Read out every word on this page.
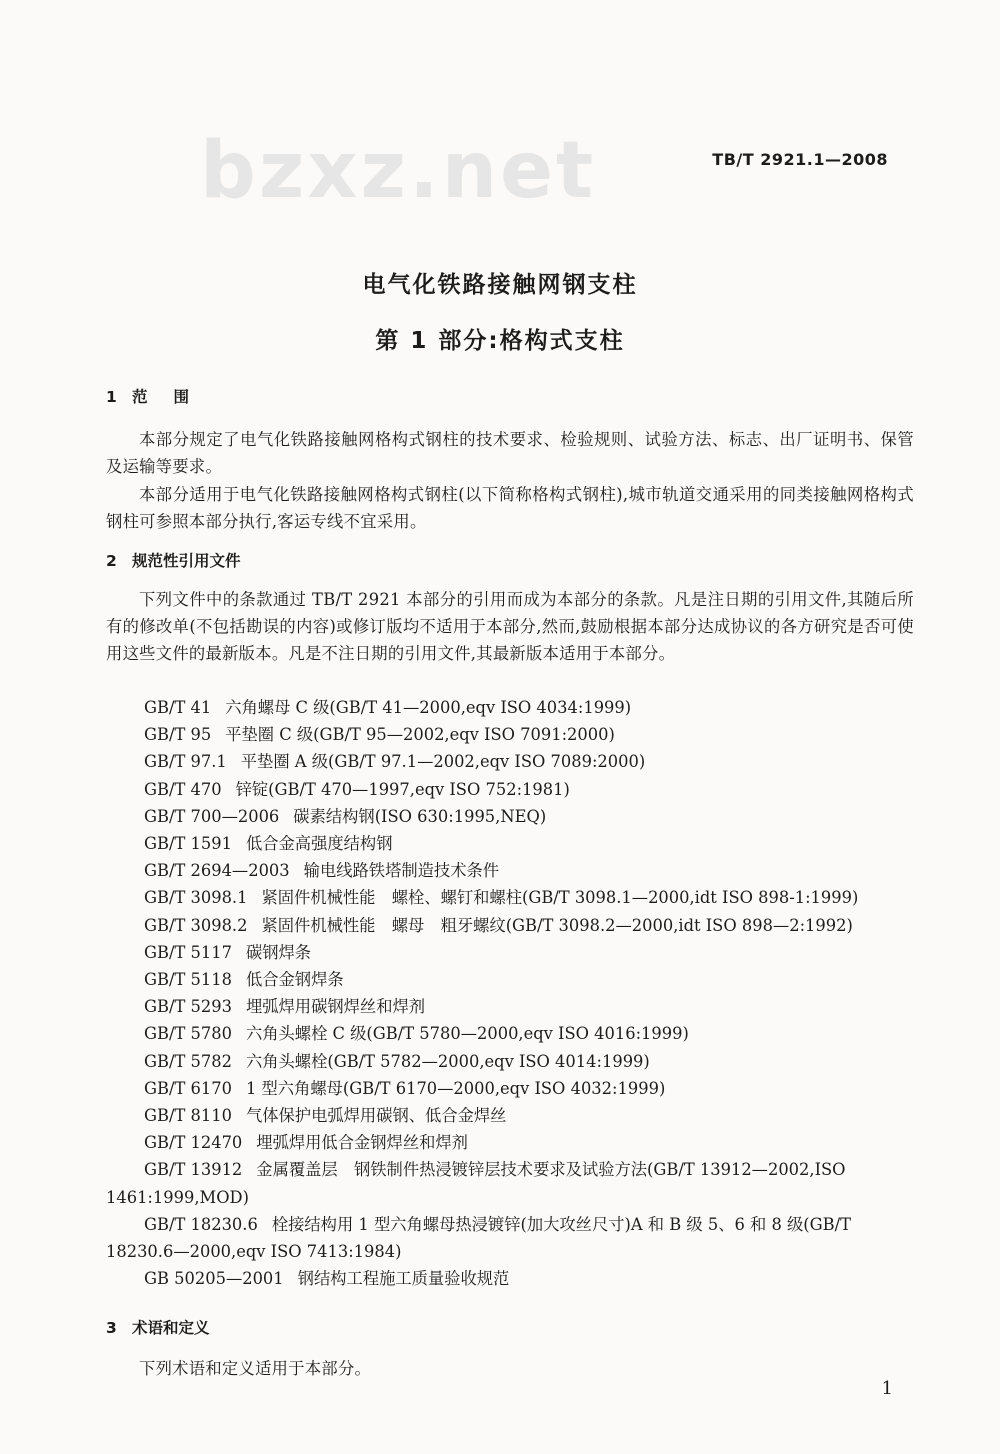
bzxz.net	TB/T 2921.1—2008
电气化铁路接触网钢支柱
第 1 部分:格构式支柱
1 范围
本部分规定了电气化铁路接触网格构式钢柱的技术要求、检验规则、试验方法、标志、出厂证明书、保管及运输等要求。
本部分适用于电气化铁路接触网格构式钢柱(以下简称格构式钢柱),城市轨道交通采用的同类接触网格构式钢柱可参照本部分执行,客运专线不宜采用。
2 规范性引用文件
下列文件中的条款通过 TB/T 2921 本部分的引用而成为本部分的条款。凡是注日期的引用文件,其随后所有的修改单(不包括勘误的内容)或修订版均不适用于本部分,然而,鼓励根据本部分达成协议的各方研究是否可使用这些文件的最新版本。凡是不注日期的引用文件,其最新版本适用于本部分。
GB/T 41 六角螺母 C 级(GB/T 41—2000,eqv ISO 4034:1999)
GB/T 95 平垫圈 C 级(GB/T 95—2002,eqv ISO 7091:2000)
GB/T 97.1 平垫圈 A 级(GB/T 97.1—2002,eqv ISO 7089:2000)
GB/T 470 锌锭(GB/T 470—1997,eqv ISO 752:1981)
GB/T 700—2006 碳素结构钢(ISO 630:1995,NEQ)
GB/T 1591 低合金高强度结构钢
GB/T 2694—2003 输电线路铁塔制造技术条件
GB/T 3098.1 紧固件机械性能　螺栓、螺钉和螺柱(GB/T 3098.1—2000,idt ISO 898-1:1999)
GB/T 3098.2 紧固件机械性能　螺母　粗牙螺纹(GB/T 3098.2—2000,idt ISO 898—2:1992)
GB/T 5117 碳钢焊条
GB/T 5118 低合金钢焊条
GB/T 5293 埋弧焊用碳钢焊丝和焊剂
GB/T 5780 六角头螺栓 C 级(GB/T 5780—2000,eqv ISO 4016:1999)
GB/T 5782 六角头螺栓(GB/T 5782—2000,eqv ISO 4014:1999)
GB/T 6170 1 型六角螺母(GB/T 6170—2000,eqv ISO 4032:1999)
GB/T 8110 气体保护电弧焊用碳钢、低合金焊丝
GB/T 12470 埋弧焊用低合金钢焊丝和焊剂
GB/T 13912 金属覆盖层　钢铁制件热浸镀锌层技术要求及试验方法(GB/T 13912—2002,ISO 1461:1999,MOD)
GB/T 18230.6 栓接结构用 1 型六角螺母热浸镀锌(加大攻丝尺寸)A 和 B 级 5、6 和 8 级(GB/T 18230.6—2000,eqv ISO 7413:1984)
GB 50205—2001 钢结构工程施工质量验收规范
3 术语和定义
下列术语和定义适用于本部分。
1
